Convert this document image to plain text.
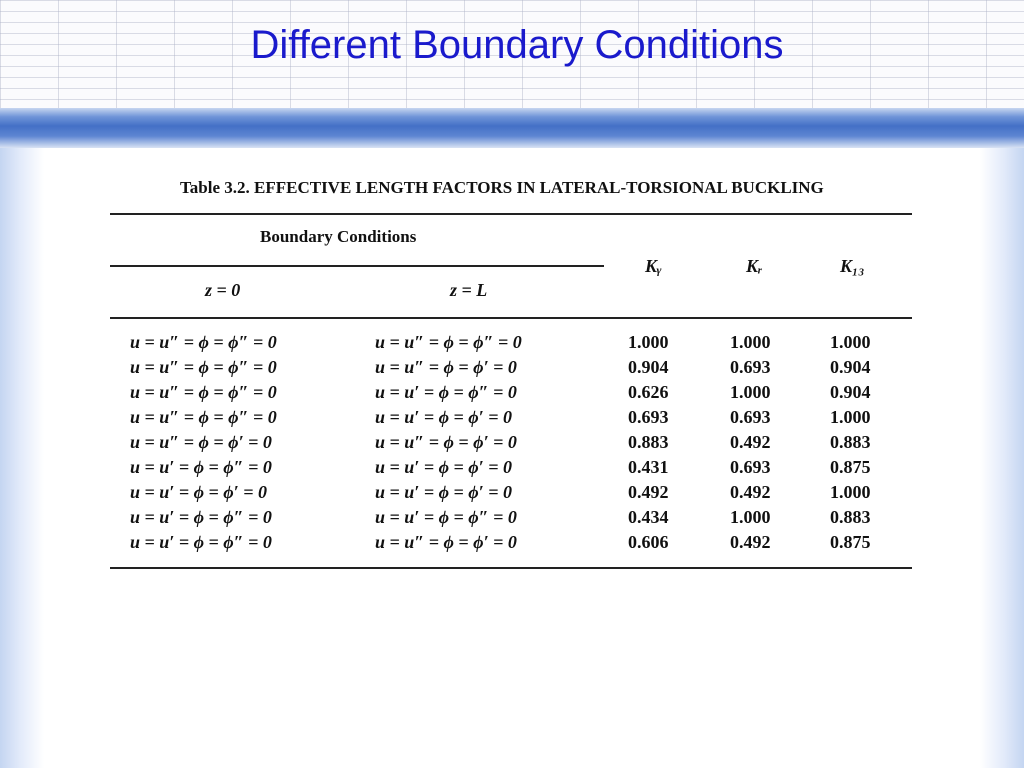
Different Boundary Conditions
Table 3.2. EFFECTIVE LENGTH FACTORS IN LATERAL-TORSIONAL BUCKLING
Boundary Conditions
z = 0	z = L
Kᵧ	Kᵣ	K₁₃
u = u″ = ϕ = ϕ″ = 0	u = u″ = ϕ = ϕ″ = 0	1.000	1.000	1.000
u = u″ = ϕ = ϕ″ = 0	u = u″ = ϕ = ϕ′ = 0	0.904	0.693	0.904
u = u″ = ϕ = ϕ″ = 0	u = u′ = ϕ = ϕ″ = 0	0.626	1.000	0.904
u = u″ = ϕ = ϕ″ = 0	u = u′ = ϕ = ϕ′ = 0	0.693	0.693	1.000
u = u″ = ϕ = ϕ′ = 0	u = u″ = ϕ = ϕ′ = 0	0.883	0.492	0.883
u = u′ = ϕ = ϕ″ = 0	u = u′ = ϕ = ϕ′ = 0	0.431	0.693	0.875
u = u′ = ϕ = ϕ′ = 0	u = u′ = ϕ = ϕ′ = 0	0.492	0.492	1.000
u = u′ = ϕ = ϕ″ = 0	u = u′ = ϕ = ϕ″ = 0	0.434	1.000	0.883
u = u′ = ϕ = ϕ″ = 0	u = u″ = ϕ = ϕ′ = 0	0.606	0.492	0.875
